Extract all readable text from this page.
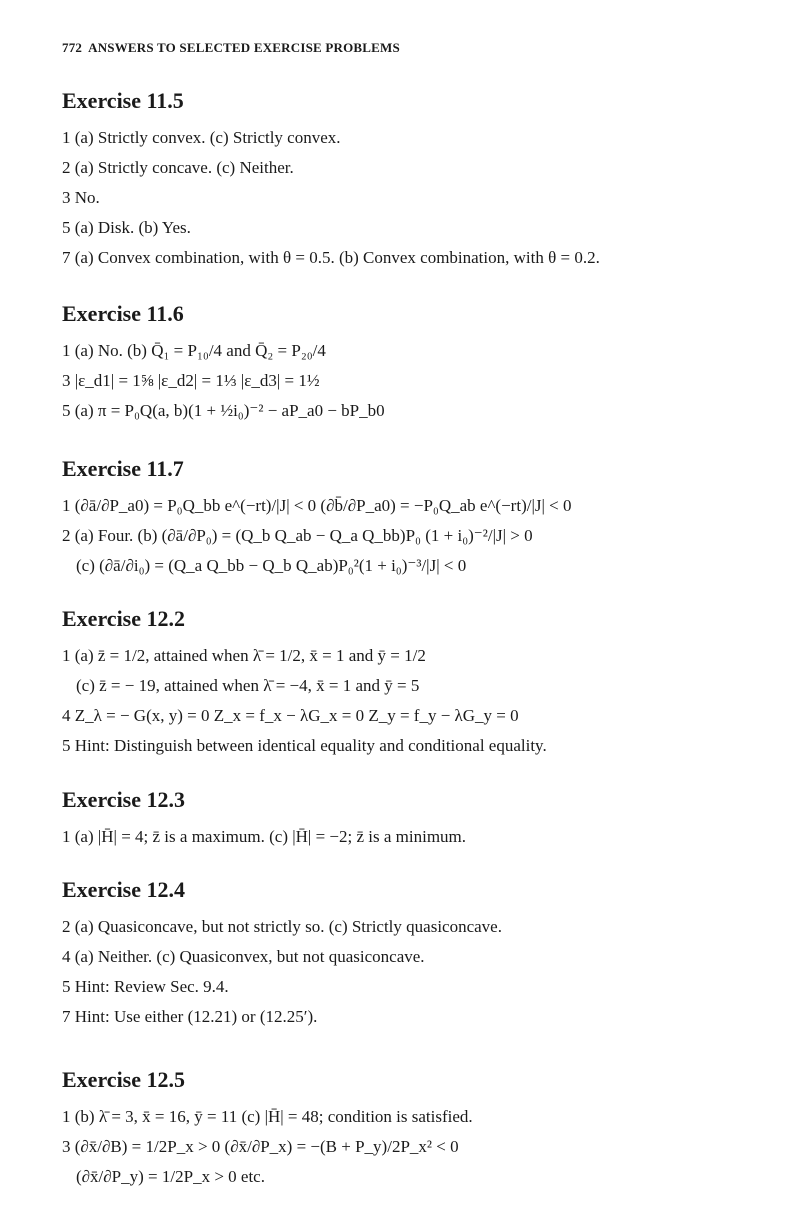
772 ANSWERS TO SELECTED EXERCISE PROBLEMS
Exercise 11.5
1 (a) Strictly convex. (c) Strictly convex.
2 (a) Strictly concave. (c) Neither.
3 No.
5 (a) Disk. (b) Yes.
7 (a) Convex combination, with θ = 0.5. (b) Convex combination, with θ = 0.2.
Exercise 11.6
1 (a) No. (b) Q̄₁ = P₁₀/4 and Q̄₂ = P₂₀/4
3 |ε_d1| = 1⅝ |ε_d2| = 1⅓ |ε_d3| = 1½
5 (a) π = P₀Q(a, b)(1 + ½i₀)⁻² − aP_a0 − bP_b0
Exercise 11.7
1 (∂ā/∂P_a0) = P₀Q_bb e^(−rt)/|J| < 0 (∂b̄/∂P_a0) = −P₀Q_ab e^(−rt)/|J| < 0
2 (a) Four. (b) (∂ā/∂P₀) = (Q_b Q_ab − Q_a Q_bb)P₀ (1 + i₀)⁻²/|J| > 0
(c) (∂ā/∂i₀) = (Q_a Q_bb − Q_b Q_ab)P₀²(1 + i₀)⁻³/|J| < 0
Exercise 12.2
1 (a) z̄ = 1/2, attained when λ̄ = 1/2, x̄ = 1 and ȳ = 1/2
(c) z̄ = − 19, attained when λ̄ = −4, x̄ = 1 and ȳ = 5
4 Z_λ = − G(x, y) = 0 Z_x = f_x − λG_x = 0 Z_y = f_y − λG_y = 0
5 Hint: Distinguish between identical equality and conditional equality.
Exercise 12.3
1 (a) |H̄| = 4; z̄ is a maximum. (c) |H̄| = −2; z̄ is a minimum.
Exercise 12.4
2 (a) Quasiconcave, but not strictly so. (c) Strictly quasiconcave.
4 (a) Neither. (c) Quasiconvex, but not quasiconcave.
5 Hint: Review Sec. 9.4.
7 Hint: Use either (12.21) or (12.25′).
Exercise 12.5
1 (b) λ̄ = 3, x̄ = 16, ȳ = 11 (c) |H̄| = 48; condition is satisfied.
3 (∂x̄/∂B) = 1/2P_x > 0 (∂x̄/∂P_x) = −(B + P_y)/2P_x² < 0
(∂x̄/∂P_y) = 1/2P_x > 0 etc.
